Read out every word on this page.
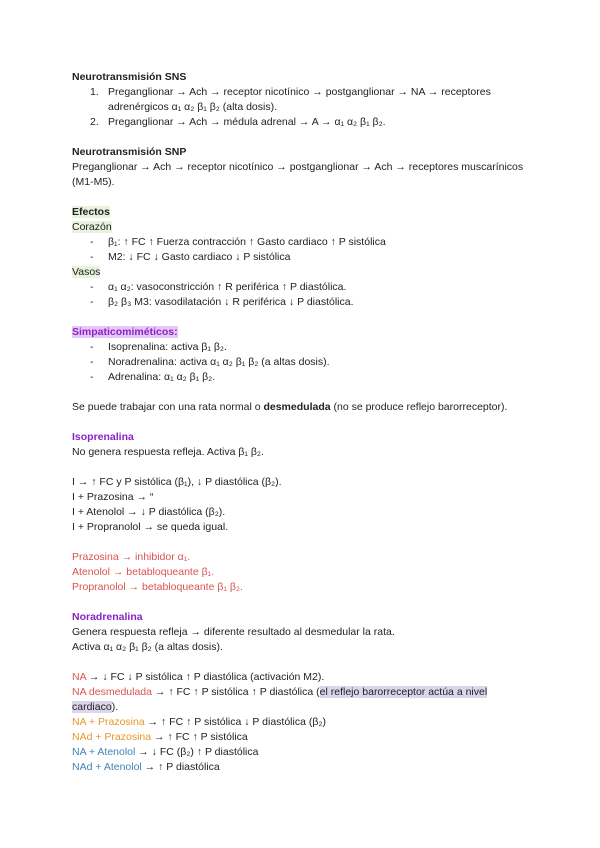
Neurotransmisión SNS
1. Preganglionar → Ach → receptor nicotínico → postganglionar → NA → receptores adrenérgicos α₁ α₂ β₁ β₂ (alta dosis).
2. Preganglionar → Ach → médula adrenal → A → α₁ α₂ β₁ β₂.
Neurotransmisión SNP
Preganglionar → Ach → receptor nicotínico → postganglionar → Ach → receptores muscarínicos (M1-M5).
Efectos
Corazón
-	β₁: ↑ FC ↑ Fuerza contracción ↑ Gasto cardiaco ↑ P sistólica
-	M2: ↓ FC ↓ Gasto cardiaco ↓ P sistólica
Vasos
-	α₁ α₂: vasoconstricción ↑ R periférica ↑ P diastólica.
-	β₂ β₃ M3: vasodilatación ↓ R periférica ↓ P diastólica.
Simpaticomiméticos:
-	Isoprenalina: activa β₁ β₂.
-	Noradrenalina: activa α₁ α₂ β₁ β₂ (a altas dosis).
-	Adrenalina: α₁ α₂ β₁ β₂.
Se puede trabajar con una rata normal o desmedulada (no se produce reflejo barorreceptor).
Isoprenalina
No genera respuesta refleja. Activa β₁ β₂.
I → ↑ FC y P sistólica (β₁), ↓ P diastólica (β₂).
I + Prazosina → “
I + Atenolol → ↓ P diastólica (β₂).
I + Propranolol → se queda igual.
Prazosina → inhibidor α₁.
Atenolol → betabloqueante β₁.
Propranolol → betabloqueante β₁ β₂.
Noradrenalina
Genera respuesta refleja → diferente resultado al desmedular la rata.
Activa α₁ α₂ β₁ β₂ (a altas dosis).
NA → ↓ FC ↓ P sistólica ↑ P diastólica (activación M2).
NA desmedulada → ↑ FC ↑ P sistólica ↑ P diastólica (el reflejo barorreceptor actúa a nivel cardiaco).
NA + Prazosina → ↑ FC ↑ P sistólica ↓ P diastólica (β₂)
NAd + Prazosina → ↑ FC ↑ P sistólica
NA + Atenolol → ↓ FC (β₂) ↑ P diastólica
NAd + Atenolol → ↑ P diastólica
